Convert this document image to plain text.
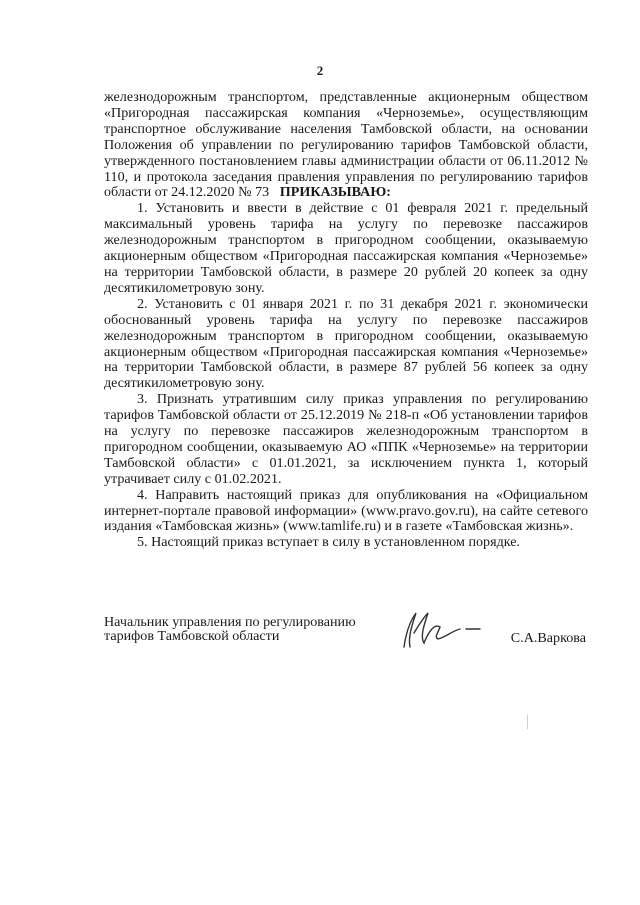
2

железнодорожным транспортом, представленные акционерным обществом «Пригородная пассажирская компания «Черноземье», осуществляющим транспортное обслуживание населения Тамбовской области, на основании Положения об управлении по регулированию тарифов Тамбовской области, утвержденного постановлением главы администрации области от 06.11.2012 № 110, и протокола заседания правления управления по регулированию тарифов области от 24.12.2020 № 73 ПРИКАЗЫВАЮ:

1. Установить и ввести в действие с 01 февраля 2021 г. предельный максимальный уровень тарифа на услугу по перевозке пассажиров железнодорожным транспортом в пригородном сообщении, оказываемую акционерным обществом «Пригородная пассажирская компания «Черноземье» на территории Тамбовской области, в размере 20 рублей 20 копеек за одну десятикилометровую зону.

2. Установить с 01 января 2021 г. по 31 декабря 2021 г. экономически обоснованный уровень тарифа на услугу по перевозке пассажиров железнодорожным транспортом в пригородном сообщении, оказываемую акционерным обществом «Пригородная пассажирская компания «Черноземье» на территории Тамбовской области, в размере 87 рублей 56 копеек за одну десятикилометровую зону.

3. Признать утратившим силу приказ управления по регулированию тарифов Тамбовской области от 25.12.2019 № 218-п «Об установлении тарифов на услугу по перевозке пассажиров железнодорожным транспортом в пригородном сообщении, оказываемую АО «ППК «Черноземье» на территории Тамбовской области» с 01.01.2021, за исключением пункта 1, который утрачивает силу с 01.02.2021.

4. Направить настоящий приказ для опубликования на «Официальном интернет-портале правовой информации» (www.pravo.gov.ru), на сайте сетевого издания «Тамбовская жизнь» (www.tamlife.ru) и в газете «Тамбовская жизнь».

5. Настоящий приказ вступает в силу в установленном порядке.

Начальник управления по регулированию
тарифов Тамбовской области	С.А.Варкова
